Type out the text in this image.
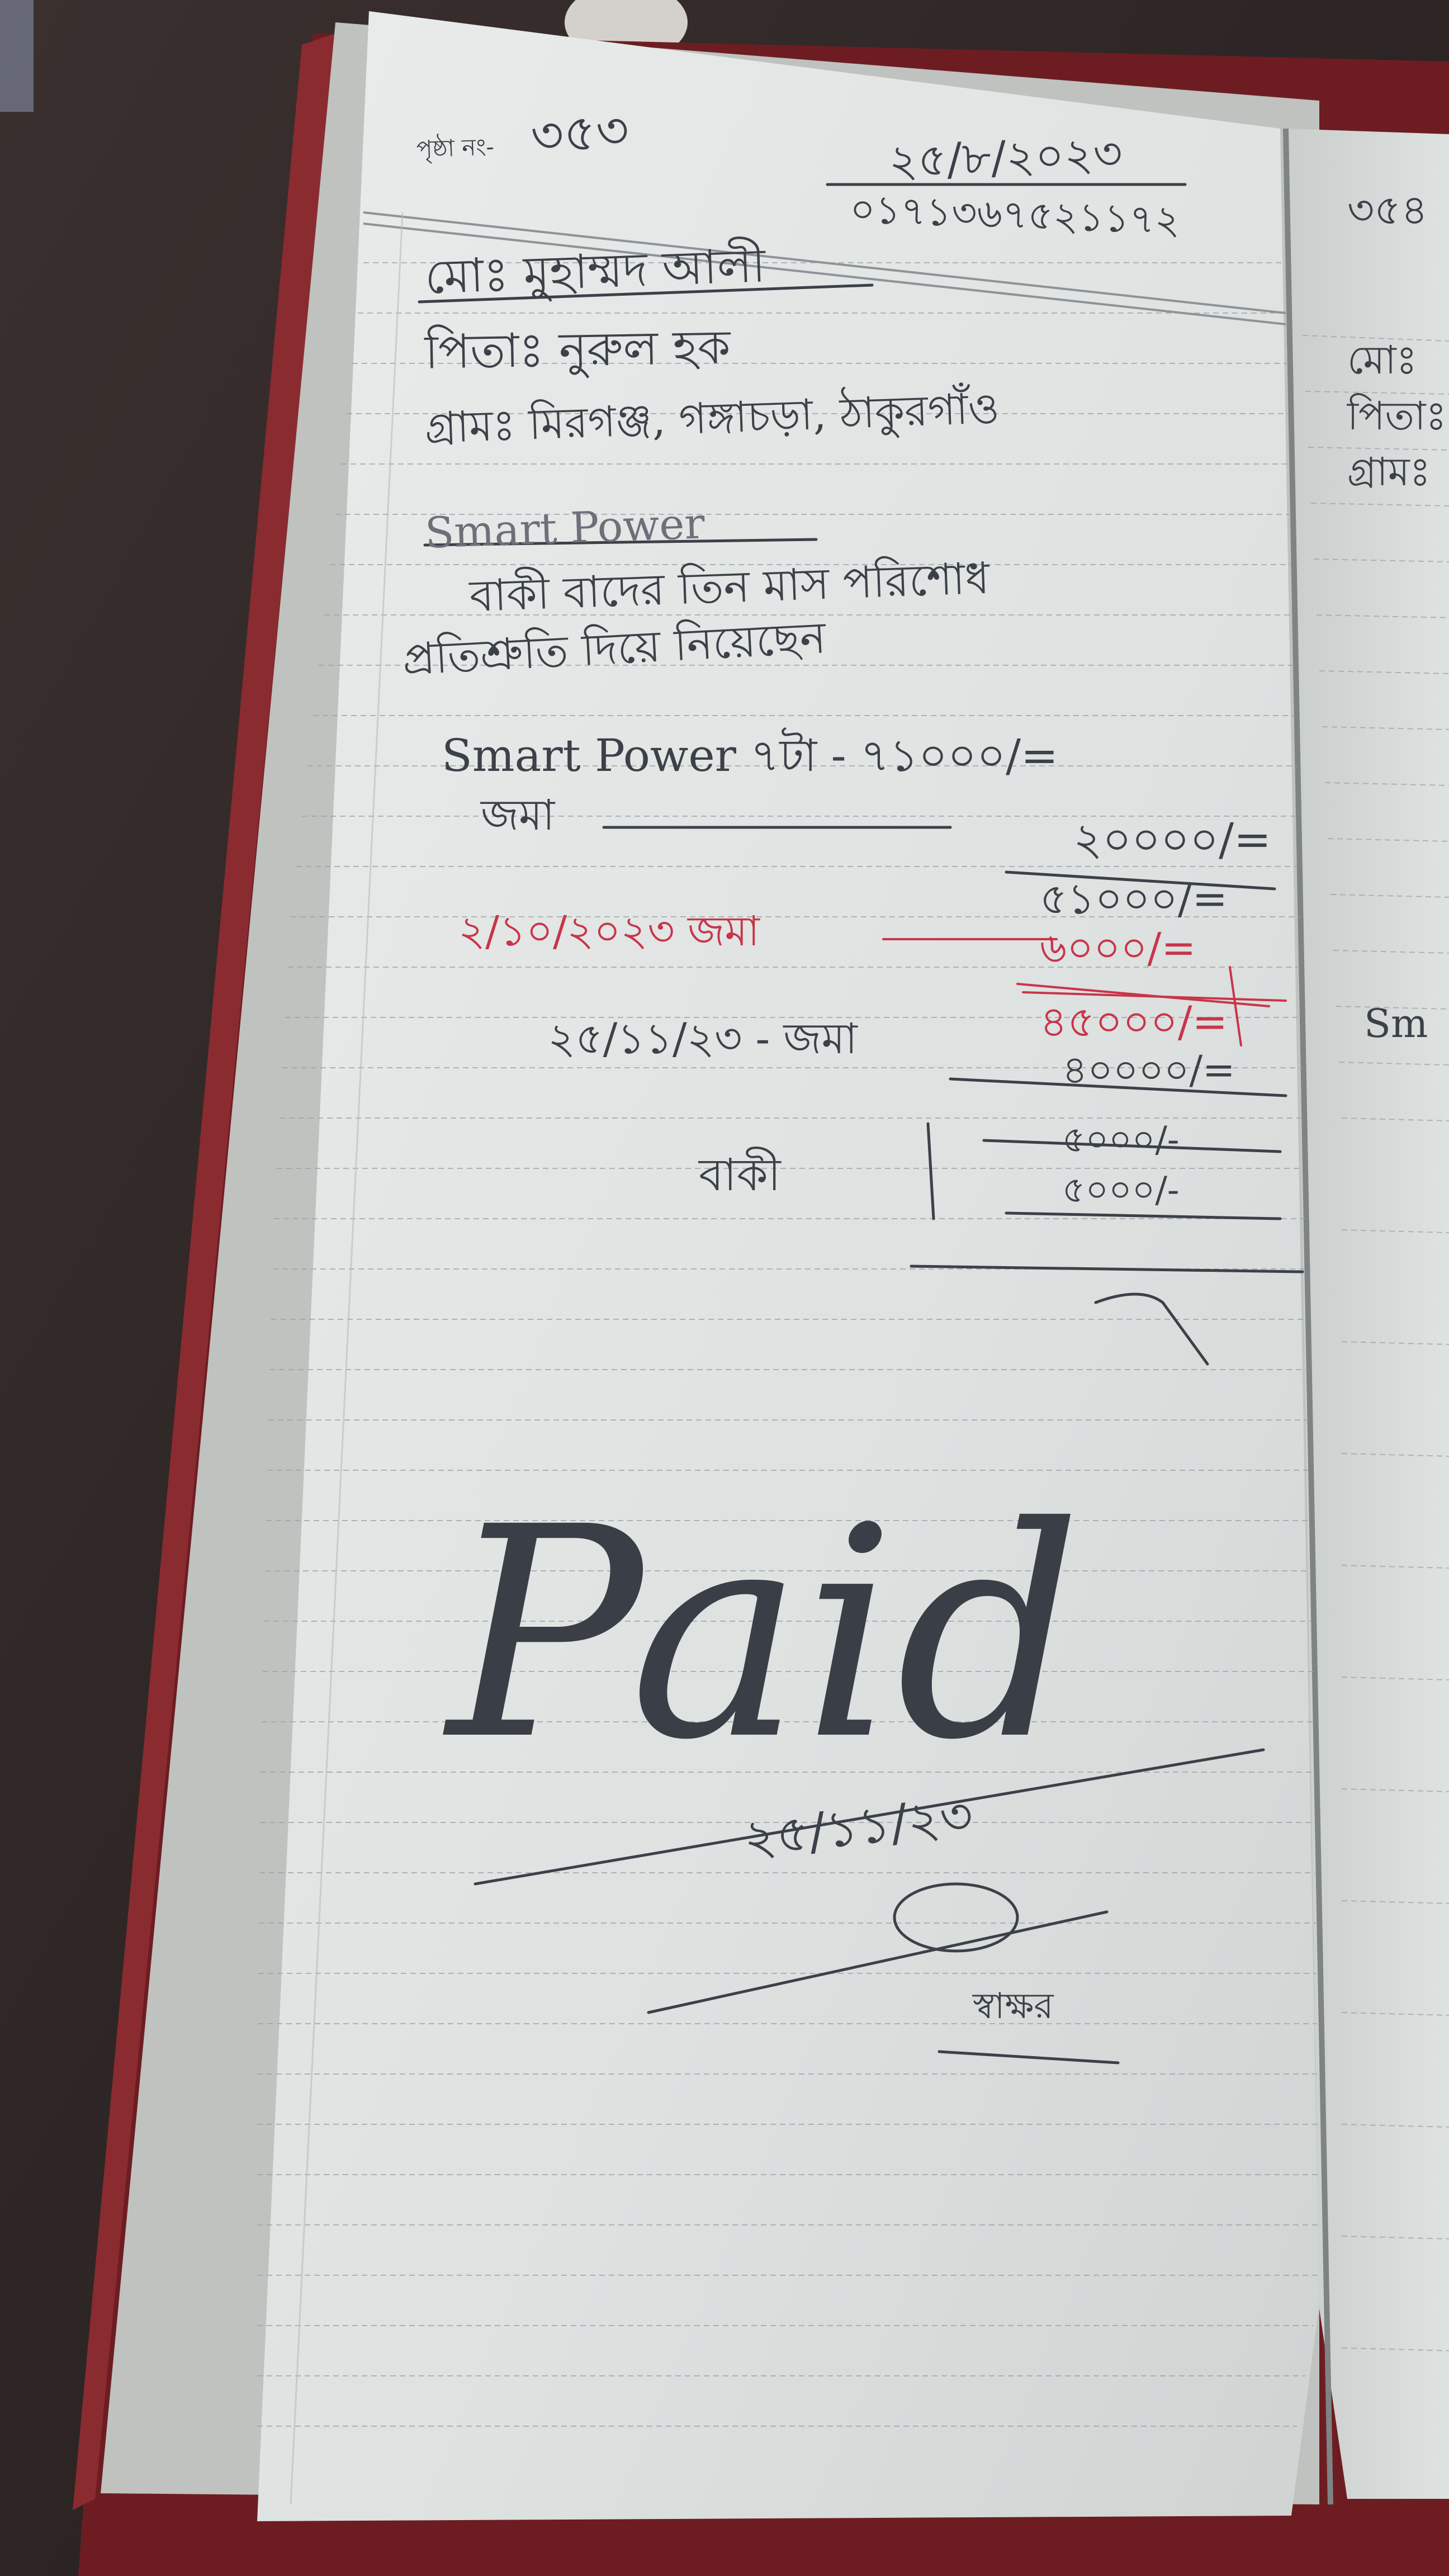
পৃষ্ঠা নং- ৩৫৩	২৫/৮/২০২৩
০১৭১৩৬৭৫২১১৭২
মোঃ মুহাম্মদ আলী
পিতাঃ নুরুল হক
গ্রামঃ মিরগঞ্জ, গঙ্গাচড়া, ঠাকুরগাঁও
Smart Power
বাকী বাদের তিন মাস পরিশোধ
প্রতিশ্রুতি দিয়ে নিয়েছেন
Smart Power ৭টা - ৭১০০০/=
জমা	২০০০০/=
৫১০০০/=
২/১০/২০২৩ জমা	৬০০০/=
৪৫০০০/=
২৫/১১/২৩ - জমা
৪০০০০/=
বাকী
৫০০০/-
৫০০০/-
Paid
২৫/১১/২৩
স্বাক্ষর
৩৫৪
মোঃ
পিতাঃ
গ্রামঃ
Sm
